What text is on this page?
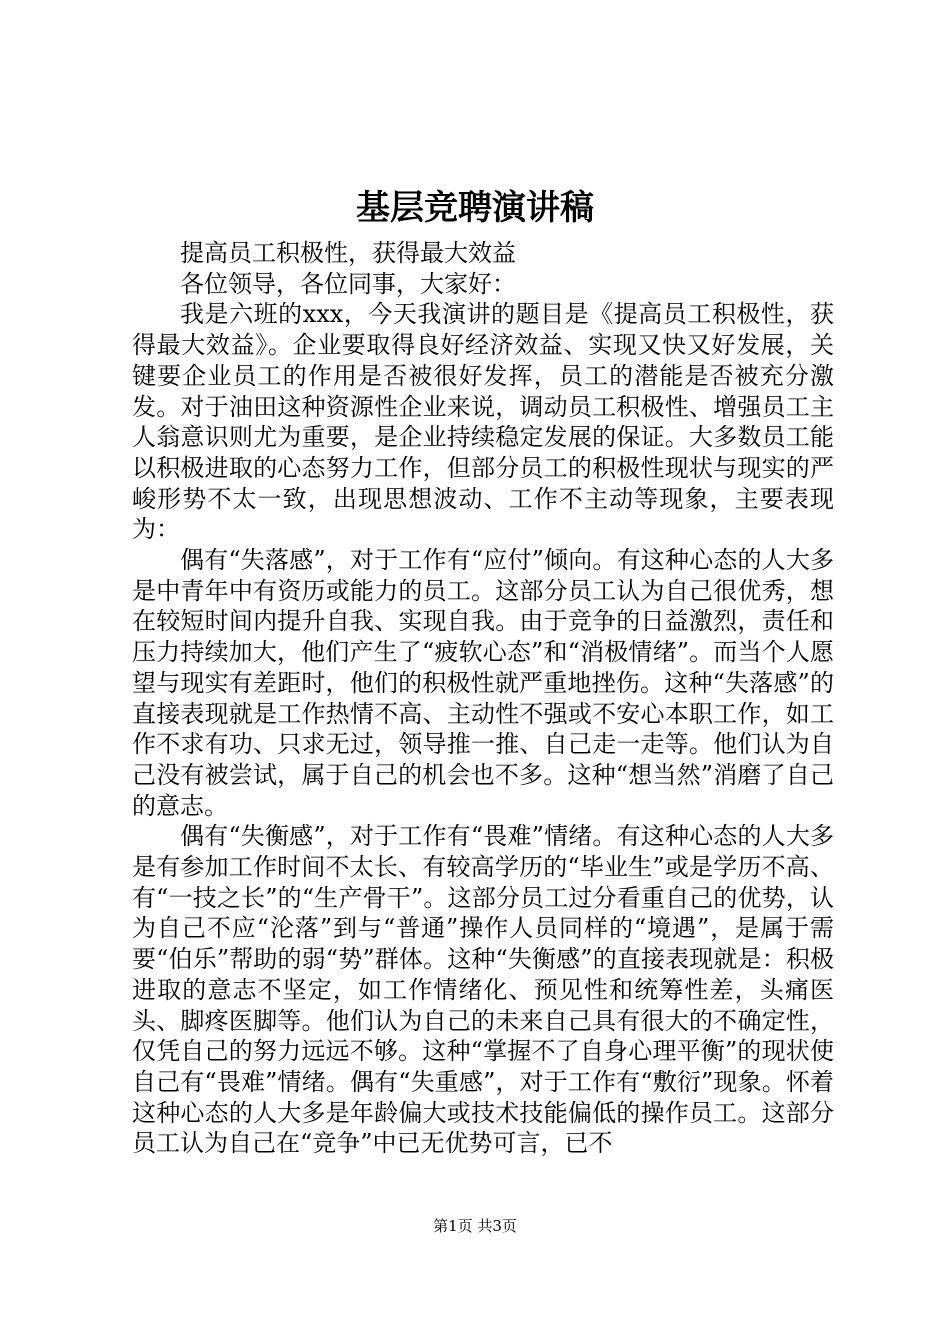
基层竞聘演讲稿

提高员工积极性，获得最大效益

各位领导，各位同事，大家好：

我是六班的xxx，今天我演讲的题目是《提高员工积极性，获得最大效益》。企业要取得良好经济效益、实现又快又好发展，关键要企业员工的作用是否被很好发挥，员工的潜能是否被充分激发。对于油田这种资源性企业来说，调动员工积极性、增强员工主人翁意识则尤为重要，是企业持续稳定发展的保证。大多数员工能以积极进取的心态努力工作，但部分员工的积极性现状与现实的严峻形势不太一致，出现思想波动、工作不主动等现象，主要表现为：

偶有“失落感”，对于工作有“应付”倾向。有这种心态的人大多是中青年中有资历或能力的员工。这部分员工认为自己很优秀，想在较短时间内提升自我、实现自我。由于竞争的日益激烈，责任和压力持续加大，他们产生了“疲软心态”和“消极情绪”。而当个人愿望与现实有差距时，他们的积极性就严重地挫伤。这种“失落感”的直接表现就是工作热情不高、主动性不强或不安心本职工作，如工作不求有功、只求无过，领导推一推、自己走一走等。他们认为自己没有被尝试，属于自己的机会也不多。这种“想当然”消磨了自己的意志。

偶有“失衡感”，对于工作有“畏难”情绪。有这种心态的人大多是有参加工作时间不太长、有较高学历的“毕业生”或是学历不高、有“一技之长”的“生产骨干”。这部分员工过分看重自己的优势，认为自己不应“沦落”到与“普通”操作人员同样的“境遇”，是属于需要“伯乐”帮助的弱“势”群体。这种“失衡感”的直接表现就是：积极进取的意志不坚定，如工作情绪化、预见性和统筹性差，头痛医头、脚疼医脚等。他们认为自己的未来自己具有很大的不确定性，仅凭自己的努力远远不够。这种“掌握不了自身心理平衡”的现状使自己有“畏难”情绪。偶有“失重感”，对于工作有“敷衍”现象。怀着这种心态的人大多是年龄偏大或技术技能偏低的操作员工。这部分员工认为自己在“竞争”中已无优势可言，已不

第1页 共3页
